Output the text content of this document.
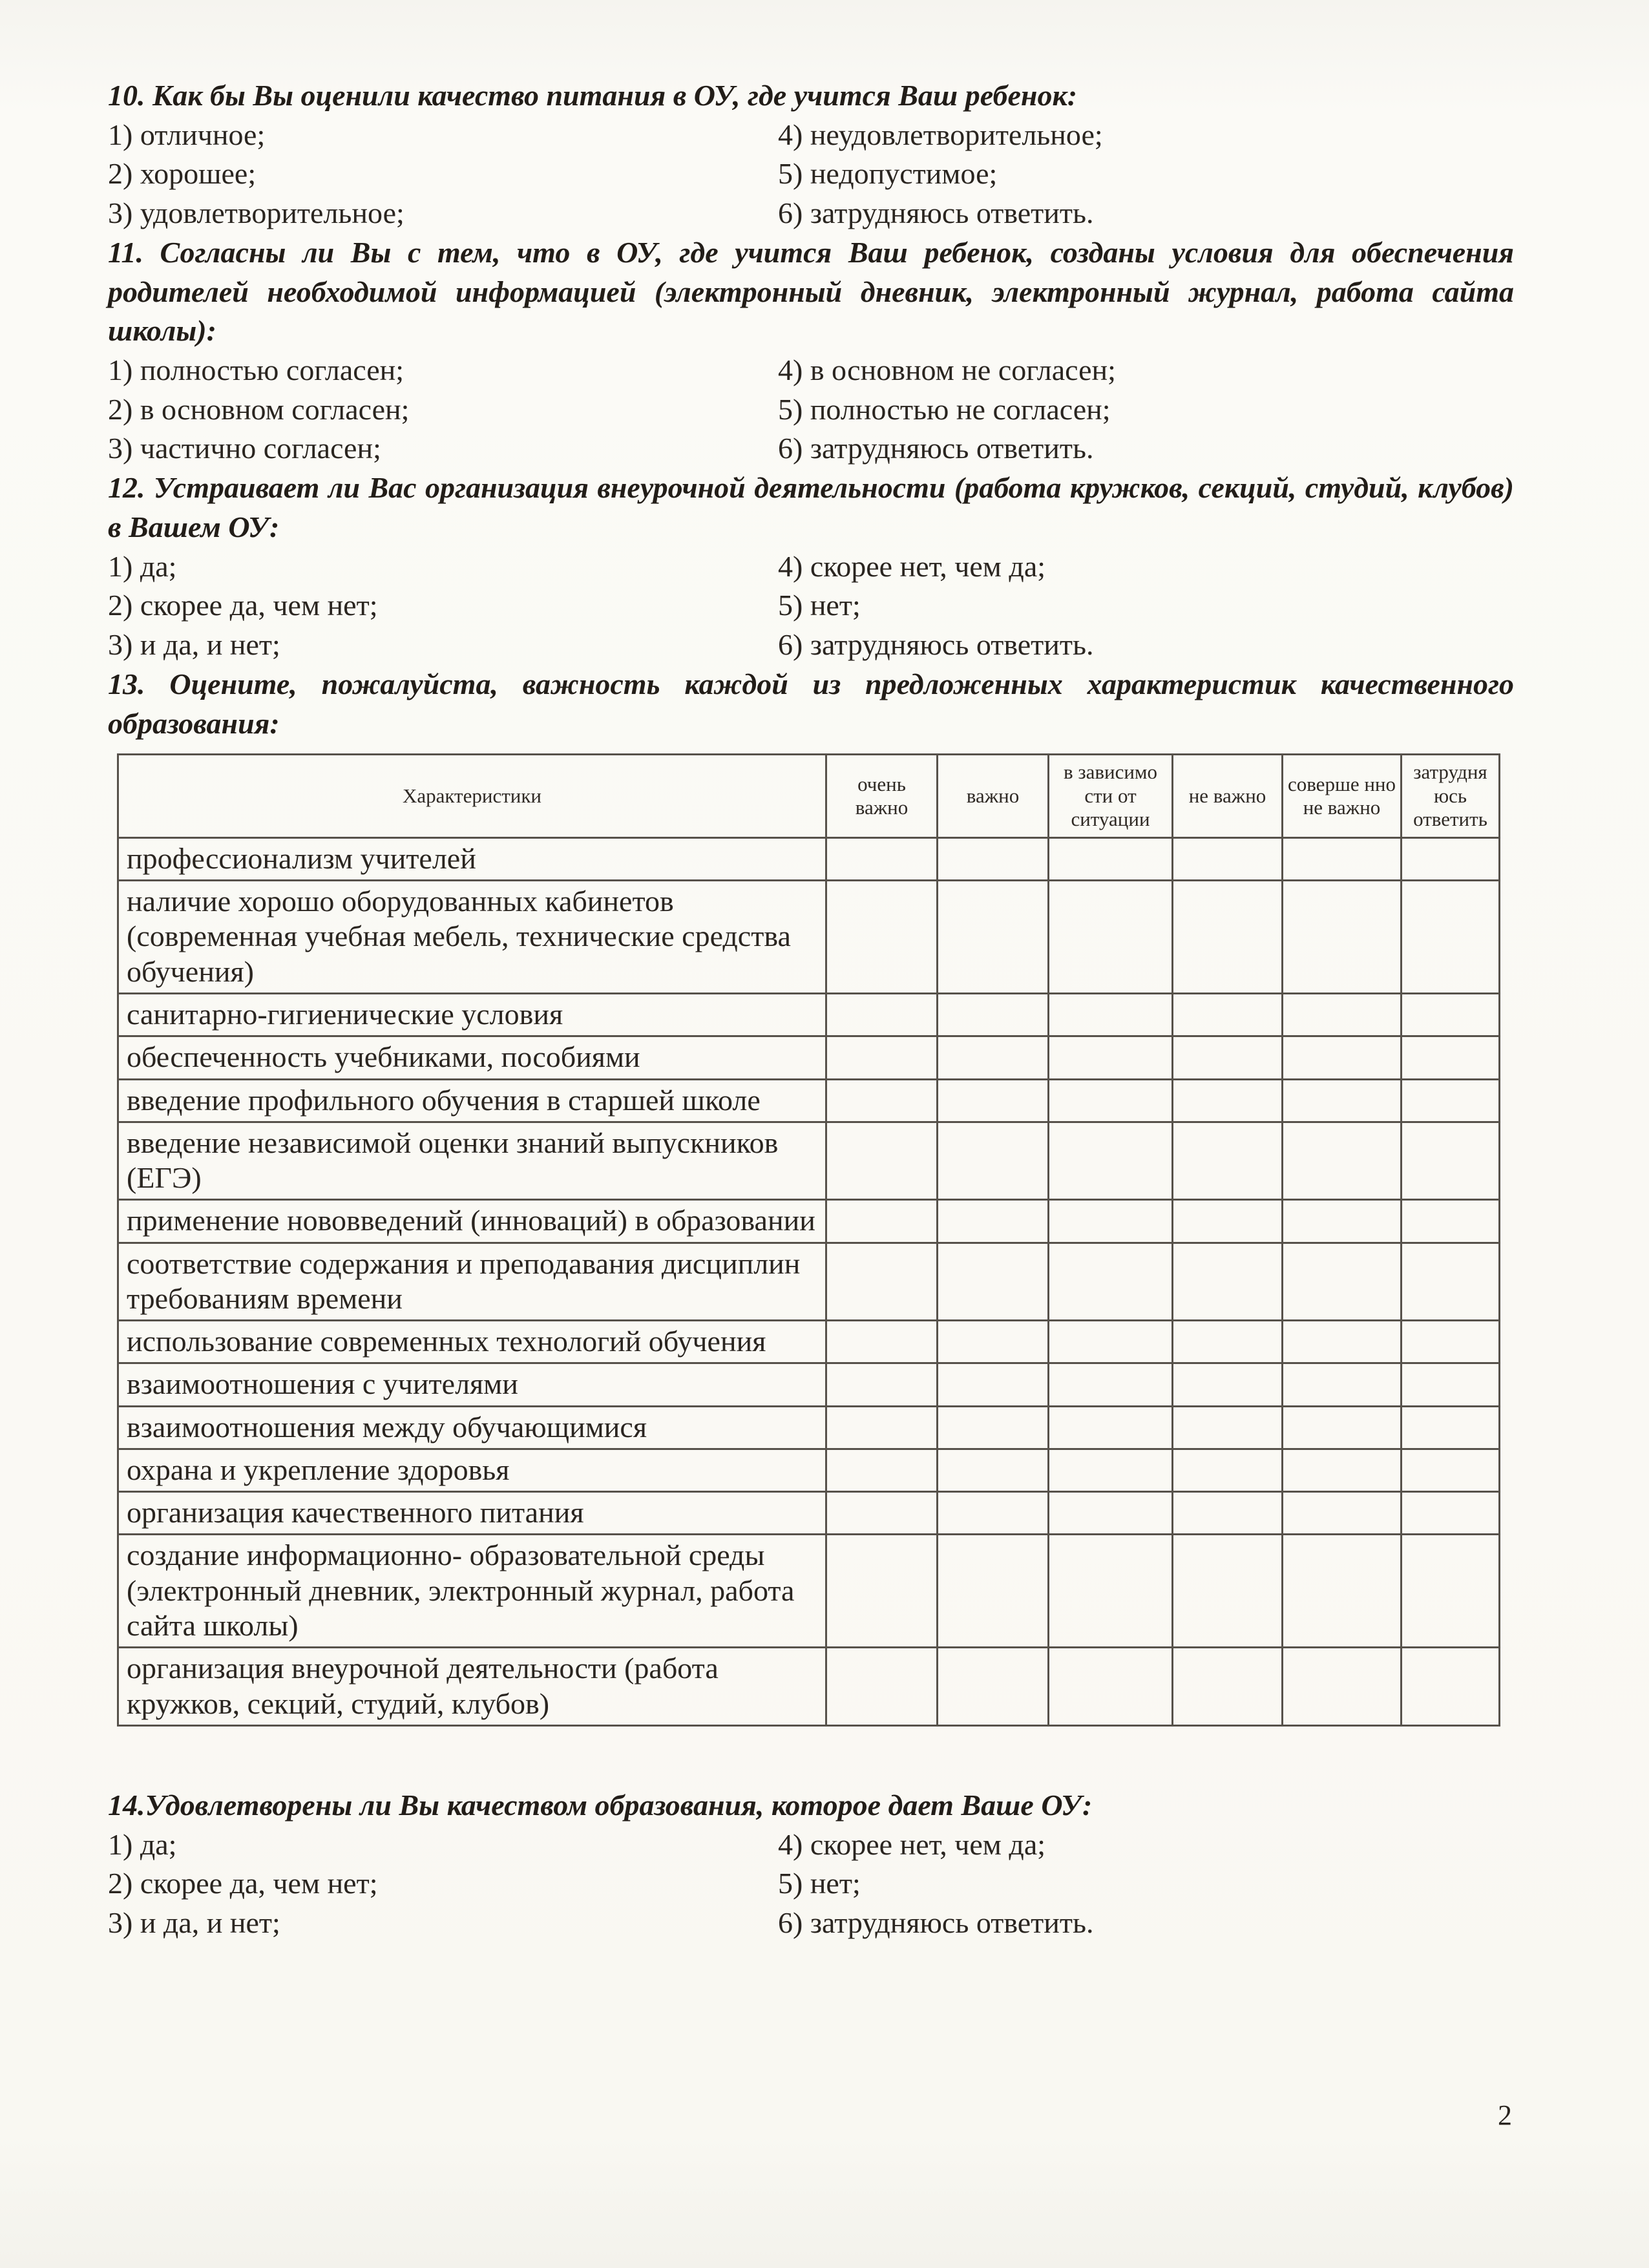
10. Как бы Вы оценили качество питания в ОУ, где учится Ваш ребенок:

1) отличное;

2) хорошее;

3) удовлетворительное;

4) неудовлетворительное;

5) недопустимое;

6) затрудняюсь ответить.

11. Согласны ли Вы с тем, что в ОУ, где учится Ваш ребенок, созданы условия для обеспечения родителей необходимой информацией (электронный дневник, электронный журнал, работа сайта школы):

1) полностью согласен;

2) в основном согласен;

3) частично согласен;

4) в основном не согласен;

5) полностью не согласен;

6) затрудняюсь ответить.

12. Устраивает ли Вас организация внеурочной деятельности (работа кружков, секций, студий, клубов) в Вашем ОУ:

1) да;

2) скорее да, чем нет;

3) и да, и нет;

4) скорее нет, чем да;

5) нет;

6) затрудняюсь ответить.

13. Оцените, пожалуйста, важность каждой из предложенных характеристик качественного образования:

Характеристики	очень важно	важно	в зависимо сти от ситуации	не важно	соверше нно не важно	затрудня юсь ответить
профессионализм учителей						
наличие хорошо оборудованных кабинетов (современная учебная мебель, технические средства обучения)						
санитарно-гигиенические условия						
обеспеченность учебниками, пособиями						
введение профильного обучения в старшей школе						
введение независимой оценки знаний выпускников (ЕГЭ)						
применение нововведений (инноваций) в образовании						
соответствие содержания и преподавания дисциплин требованиям времени						
использование современных технологий обучения						
взаимоотношения с учителями						
взаимоотношения между обучающимися						
охрана и укрепление здоровья						
организация качественного питания						
создание информационно- образовательной среды (электронный дневник, электронный журнал, работа сайта школы)						
организация внеурочной деятельности (работа кружков, секций, студий, клубов)						

14.Удовлетворены ли Вы качеством образования, которое дает Ваше ОУ:

1) да;

2) скорее да, чем нет;

3) и да, и нет;

4) скорее нет, чем да;

5) нет;

6) затрудняюсь ответить.

2
